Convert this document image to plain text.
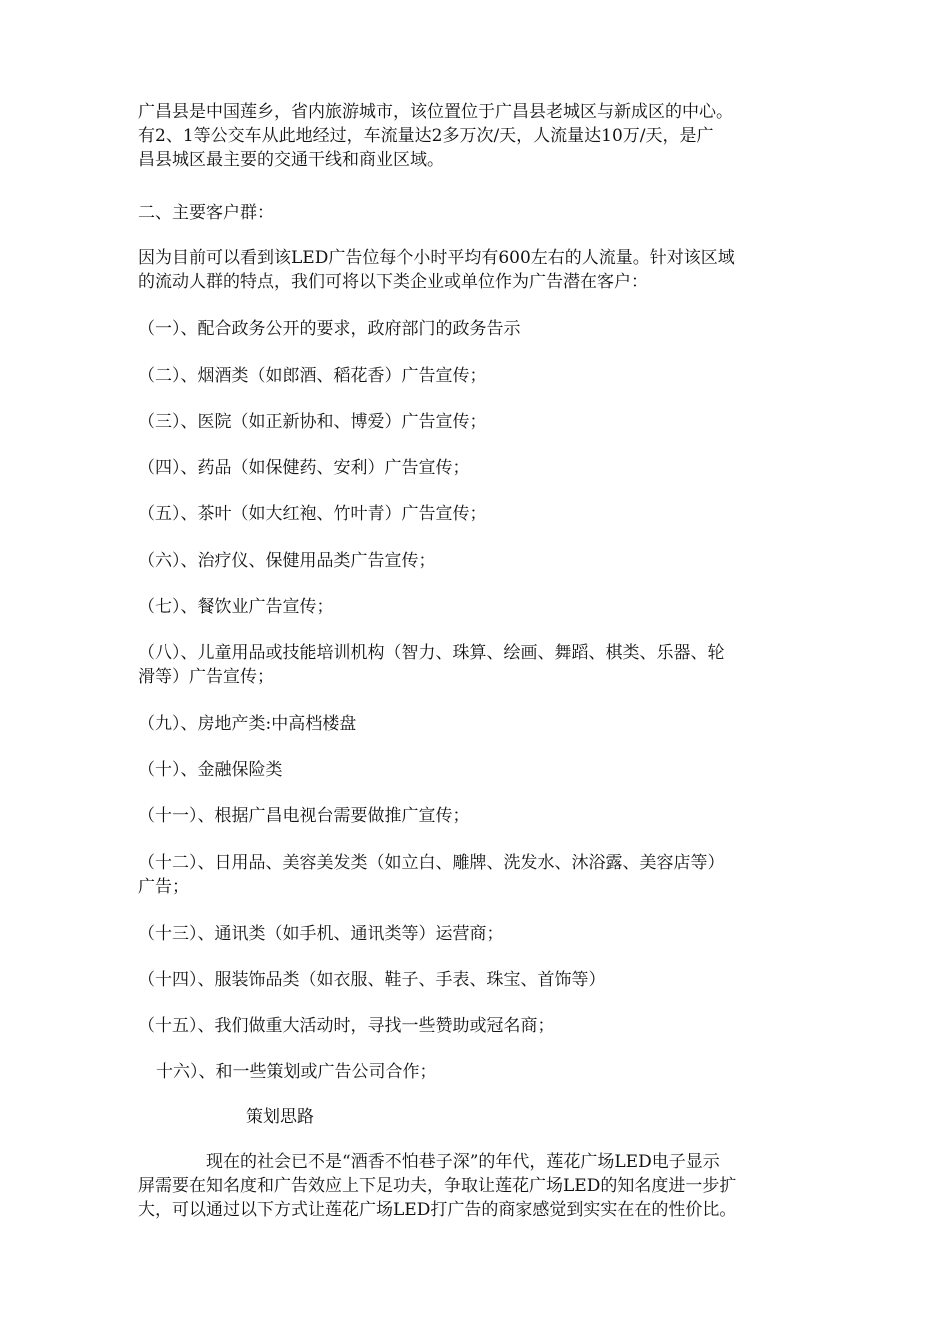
广昌县是中国莲乡，省内旅游城市，该位置位于广昌县老城区与新成区的中心。
有2、1等公交车从此地经过，车流量达2多万次/天，人流量达10万/天，是广
昌县城区最主要的交通干线和商业区域。

二、主要客户群：

因为目前可以看到该LED广告位每个小时平均有600左右的人流量。针对该区域
的流动人群的特点，我们可将以下类企业或单位作为广告潜在客户：

（一）、配合政务公开的要求，政府部门的政务告示

（二）、烟酒类（如郎酒、稻花香）广告宣传；

（三）、医院（如正新协和、博爱）广告宣传；

（四）、药品（如保健药、安利）广告宣传；

（五）、茶叶（如大红袍、竹叶青）广告宣传；

（六）、治疗仪、保健用品类广告宣传；

（七）、餐饮业广告宣传；

（八）、儿童用品或技能培训机构（智力、珠算、绘画、舞蹈、棋类、乐器、轮
滑等）广告宣传；

（九）、房地产类:中高档楼盘

（十）、金融保险类

（十一）、根据广昌电视台需要做推广宣传；

（十二）、日用品、美容美发类（如立白、雕牌、洗发水、沐浴露、美容店等）
广告；

（十三）、通讯类（如手机、通讯类等）运营商；

（十四）、服装饰品类（如衣服、鞋子、手表、珠宝、首饰等）

（十五）、我们做重大活动时，寻找一些赞助或冠名商；

十六）、和一些策划或广告公司合作；

策划思路

现在的社会已不是“酒香不怕巷子深”的年代，莲花广场LED电子显示
屏需要在知名度和广告效应上下足功夫，争取让莲花广场LED的知名度进一步扩
大，可以通过以下方式让莲花广场LED打广告的商家感觉到实实在在的性价比。
